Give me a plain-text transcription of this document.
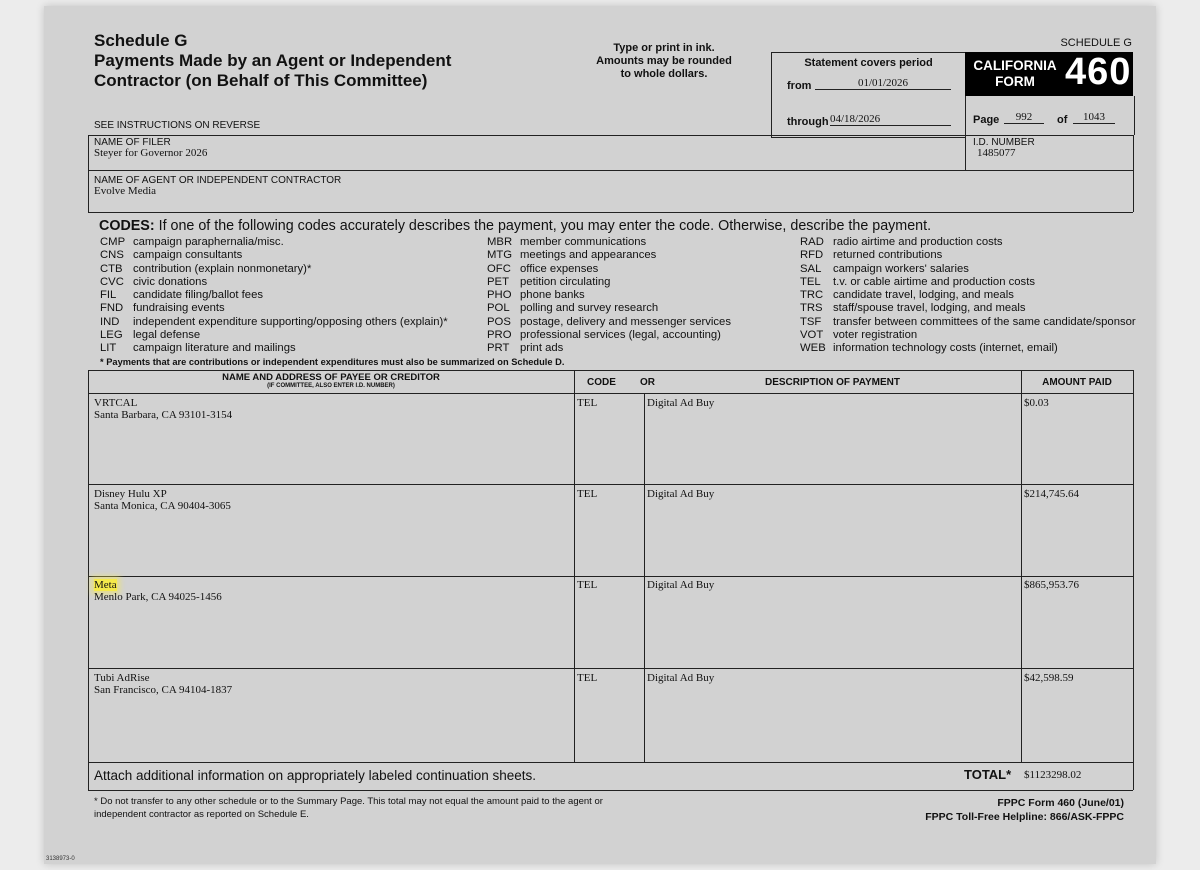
Schedule G
Payments Made by an Agent or Independent
Contractor (on Behalf of This Committee)
Type or print in ink.
Amounts may be rounded
to whole dollars.
SCHEDULE G
Statement covers period
from	01/01/2026
through 04/18/2026
CALIFORNIA
FORM 460
Page	992	of	1043
SEE INSTRUCTIONS ON REVERSE
NAME OF FILER
Steyer for Governor 2026
I.D. NUMBER
1485077
NAME OF AGENT OR INDEPENDENT CONTRACTOR
Evolve Media
CODES: If one of the following codes accurately describes the payment, you may enter the code. Otherwise, describe the payment.
CMP campaign paraphernalia/misc.
CNS campaign consultants
CTB contribution (explain nonmonetary)*
CVC civic donations
FIL candidate filing/ballot fees
FND fundraising events
IND independent expenditure supporting/opposing others (explain)*
LEG legal defense
LIT campaign literature and mailings
MBR member communications
MTG meetings and appearances
OFC office expenses
PET petition circulating
PHO phone banks
POL polling and survey research
POS postage, delivery and messenger services
PRO professional services (legal, accounting)
PRT print ads
RAD radio airtime and production costs
RFD returned contributions
SAL campaign workers' salaries
TEL t.v. or cable airtime and production costs
TRC candidate travel, lodging, and meals
TRS staff/spouse travel, lodging, and meals
TSF transfer between committees of the same candidate/sponsor
VOT voter registration
WEB information technology costs (internet, email)
* Payments that are contributions or independent expenditures must also be summarized on Schedule D.
NAME AND ADDRESS OF PAYEE OR CREDITOR
(IF COMMITTEE, ALSO ENTER I.D. NUMBER)	CODE OR	DESCRIPTION OF PAYMENT	AMOUNT PAID
VRTCAL
Santa Barbara, CA 93101-3154
TEL	Digital Ad Buy	$0.03
Disney Hulu XP
Santa Monica, CA 90404-3065
TEL	Digital Ad Buy	$214,745.64
Meta
Menlo Park, CA 94025-1456
TEL	Digital Ad Buy	$865,953.76
Tubi AdRise
San Francisco, CA 94104-1837
TEL	Digital Ad Buy	$42,598.59
Attach additional information on appropriately labeled continuation sheets.	TOTAL* $1123298.02
* Do not transfer to any other schedule or to the Summary Page. This total may not equal the amount paid to the agent or
independent contractor as reported on Schedule E.
FPPC Form 460 (June/01)
FPPC Toll-Free Helpline: 866/ASK-FPPC
3138973-0
